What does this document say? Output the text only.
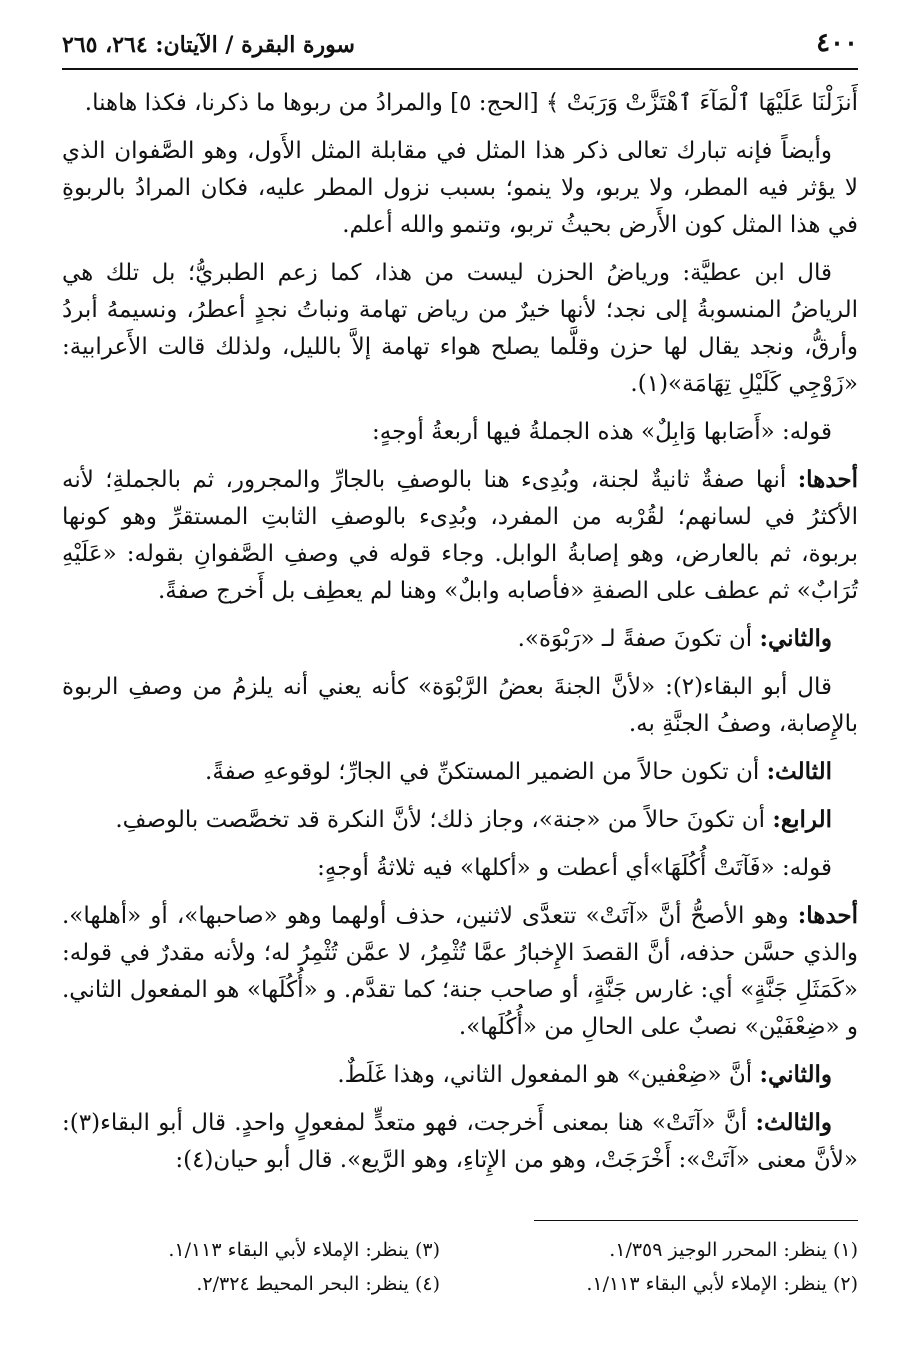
٤٠٠
سورة البقرة / الآيتان: ٢٦٤، ٢٦٥

أَنزَلْنَا عَلَيْهَا ٱلْمَآءَ ٱهْتَزَّتْ وَرَبَتْ ﴾ [الحج: ٥] والمرادُ من ربوها ما ذكرنا، فكذا هاهنا.

وأيضاً فإنه تبارك تعالى ذكر هذا المثل في مقابلة المثل الأَول، وهو الصَّفوان الذي لا يؤثر فيه المطر، ولا يربو، ولا ينمو؛ بسبب نزول المطر عليه، فكان المرادُ بالربوةِ في هذا المثل كون الأَرض بحيثُ تربو، وتنمو والله أعلم.

قال ابن عطيَّة: ورياضُ الحزن ليست من هذا، كما زعم الطبريُّ؛ بل تلك هي الرياضُ المنسوبةُ إلى نجد؛ لأنها خيرٌ من رياض تهامة ونباتُ نجدٍ أعطرُ، ونسيمهُ أبردُ وأرقُّ، ونجد يقال لها حزن وقلَّما يصلح هواء تهامة إلاَّ بالليل، ولذلك قالت الأَعرابية: «زَوْجِي كَلَيْلِ تِهَامَة»(١).

قوله: «أَصَابها وَابِلٌ» هذه الجملةُ فيها أربعةُ أوجهٍ:

أحدها: أنها صفةٌ ثانيةٌ لجنة، وبُدِىء هنا بالوصفِ بالجارِّ والمجرور، ثم بالجملةِ؛ لأنه الأكثرُ في لسانهم؛ لقُرْبه من المفرد، وبُدِىء بالوصفِ الثابتِ المستقرِّ وهو كونها بربوة، ثم بالعارض، وهو إصابةُ الوابل. وجاء قوله في وصفِ الصَّفوانِ بقوله: «عَلَيْهِ تُرَابٌ» ثم عطف على الصفةِ «فأصابه وابلٌ» وهنا لم يعطِف بل أَخرج صفةً.

والثاني: أن تكونَ صفةً لـ «رَبْوَة».

قال أبو البقاء(٢): «لأنَّ الجنةَ بعضُ الرَّبْوَة» كأنه يعني أنه يلزمُ من وصفِ الربوة بالإِصابة، وصفُ الجنَّةِ به.

الثالث: أن تكون حالاً من الضمير المستكنِّ في الجارِّ؛ لوقوعهِ صفةً.

الرابع: أن تكونَ حالاً من «جنة»، وجاز ذلك؛ لأنَّ النكرة قد تخصَّصت بالوصفِ.

قوله: «فَآتَتْ أُكُلَهَا»أي أعطت و «أكلها» فيه ثلاثةُ أوجهٍ:

أحدها: وهو الأصحُّ أنَّ «آتَتْ» تتعدَّى لاثنين، حذف أولهما وهو «صاحبها»، أو «أهلها». والذي حسَّن حذفه، أنَّ القصدَ الإِخبارُ عمَّا تُثْمِرُ، لا عمَّن تُثْمِرُ له؛ ولأنه مقدرٌ في قوله: «كَمَثَلِ جَنَّةٍ» أي: غارس جَنَّةٍ، أو صاحب جنة؛ كما تقدَّم. و «أُكُلَها» هو المفعول الثاني. و «ضِعْفَيْن» نصبٌ على الحالِ من «أُكُلَها».

والثاني: أنَّ «ضِعْفين» هو المفعول الثاني، وهذا غَلَطٌ.

والثالث: أنَّ «آتَتْ» هنا بمعنى أَخرجت، فهو متعدٍّ لمفعولٍ واحدٍ. قال أبو البقاء(٣): «لأنَّ معنى «آتَتْ»: أَخْرَجَتْ، وهو من الإِتاءِ، وهو الرَّيع». قال أبو حيان(٤):

(١) ينظر: المحرر الوجيز ١/٣٥٩.
(٣) ينظر: الإملاء لأبي البقاء ١/١١٣.
(٢) ينظر: الإملاء لأبي البقاء ١/١١٣.
(٤) ينظر: البحر المحيط ٢/٣٢٤.
